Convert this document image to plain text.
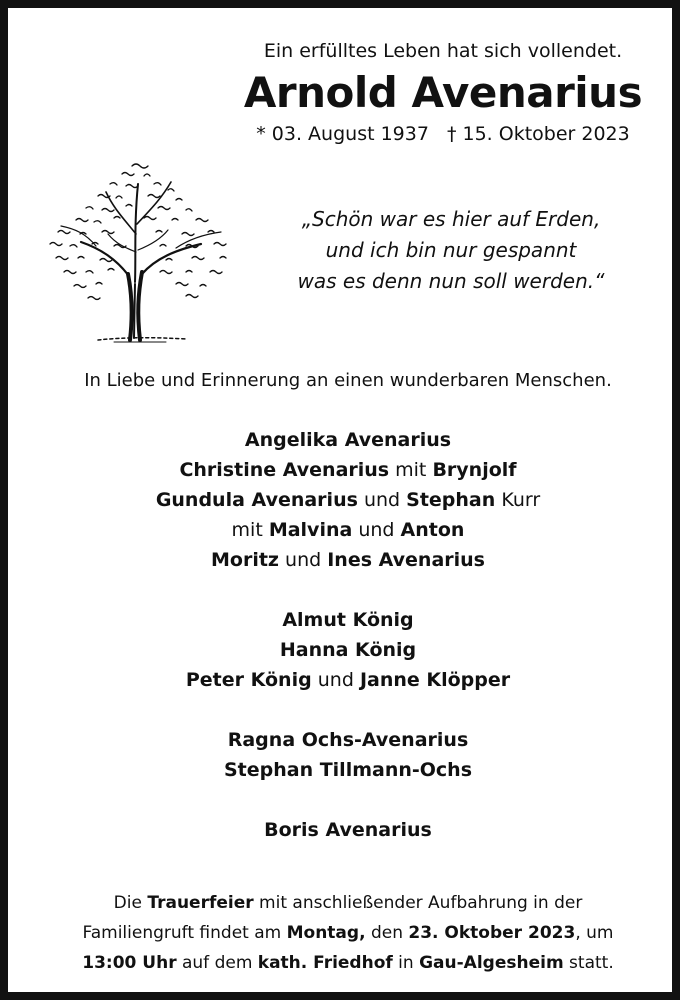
Ein erfülltes Leben hat sich vollendet.
Arnold Avenarius
* 03. August 1937 † 15. Oktober 2023
„Schön war es hier auf Erden,
und ich bin nur gespannt
was es denn nun soll werden.“
In Liebe und Erinnerung an einen wunderbaren Menschen.
Angelika Avenarius
Christine Avenarius mit Brynjolf
Gundula Avenarius und Stephan Kurr
mit Malvina und Anton
Moritz und Ines Avenarius
Almut König
Hanna König
Peter König und Janne Klöpper
Ragna Ochs-Avenarius
Stephan Tillmann-Ochs
Boris Avenarius
Die Trauerfeier mit anschließender Aufbahrung in der
Familiengruft findet am Montag, den 23. Oktober 2023, um
13:00 Uhr auf dem kath. Friedhof in Gau-Algesheim statt.
